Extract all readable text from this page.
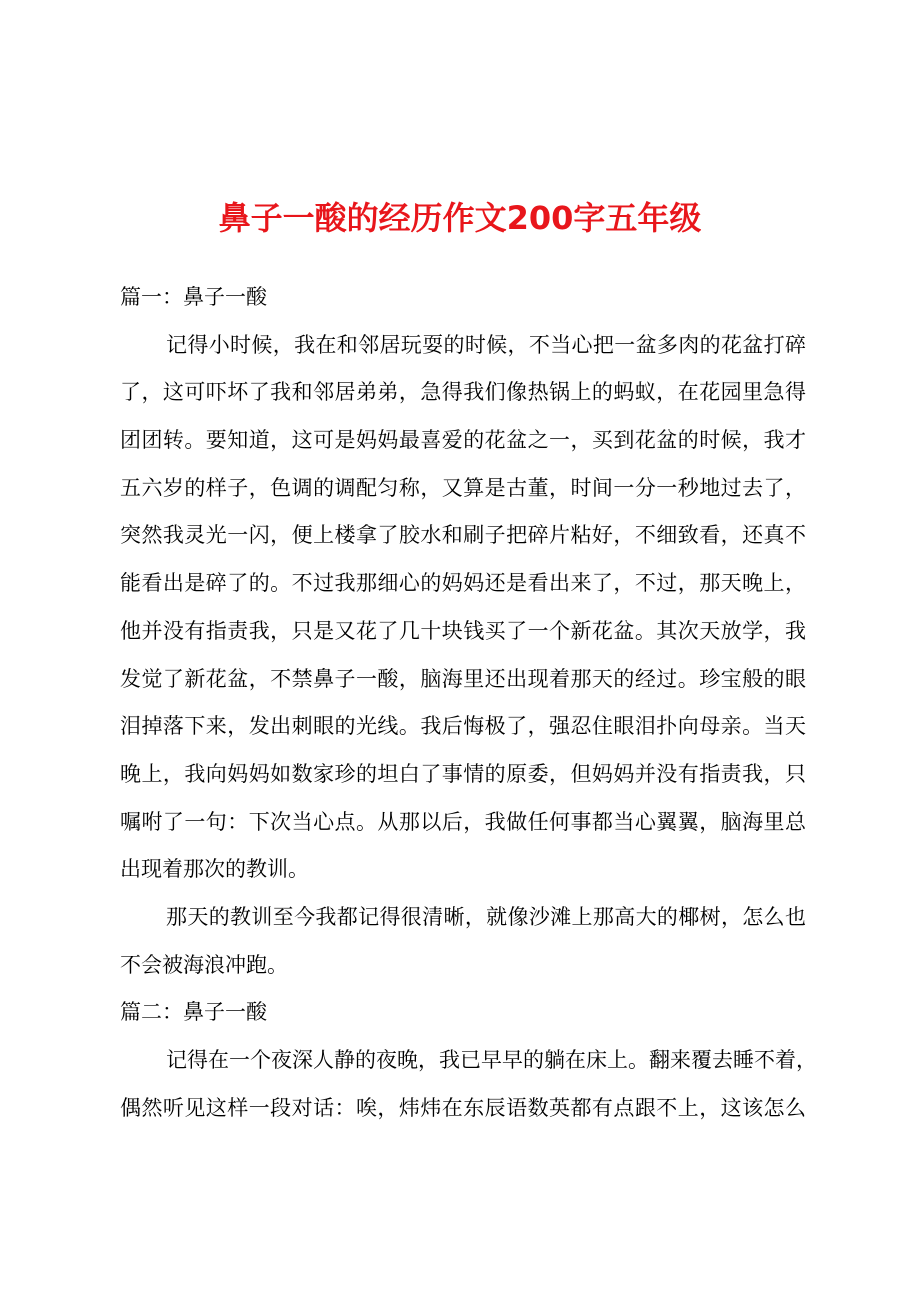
鼻子一酸的经历作文200字五年级
篇一：鼻子一酸
记得小时候，我在和邻居玩耍的时候，不当心把一盆多肉的花盆打碎
了，这可吓坏了我和邻居弟弟，急得我们像热锅上的蚂蚁，在花园里急得
团团转。要知道，这可是妈妈最喜爱的花盆之一，买到花盆的时候，我才
五六岁的样子，色调的调配匀称，又算是古董，时间一分一秒地过去了，
突然我灵光一闪，便上楼拿了胶水和刷子把碎片粘好，不细致看，还真不
能看出是碎了的。不过我那细心的妈妈还是看出来了，不过，那天晚上，
他并没有指责我，只是又花了几十块钱买了一个新花盆。其次天放学，我
发觉了新花盆，不禁鼻子一酸，脑海里还出现着那天的经过。珍宝般的眼
泪掉落下来，发出刺眼的光线。我后悔极了，强忍住眼泪扑向母亲。当天
晚上，我向妈妈如数家珍的坦白了事情的原委，但妈妈并没有指责我，只
嘱咐了一句：下次当心点。从那以后，我做任何事都当心翼翼，脑海里总
出现着那次的教训。
那天的教训至今我都记得很清晰，就像沙滩上那高大的椰树，怎么也
不会被海浪冲跑。
篇二：鼻子一酸
记得在一个夜深人静的夜晚，我已早早的躺在床上。翻来覆去睡不着，
偶然听见这样一段对话：唉，炜炜在东辰语数英都有点跟不上，这该怎么
